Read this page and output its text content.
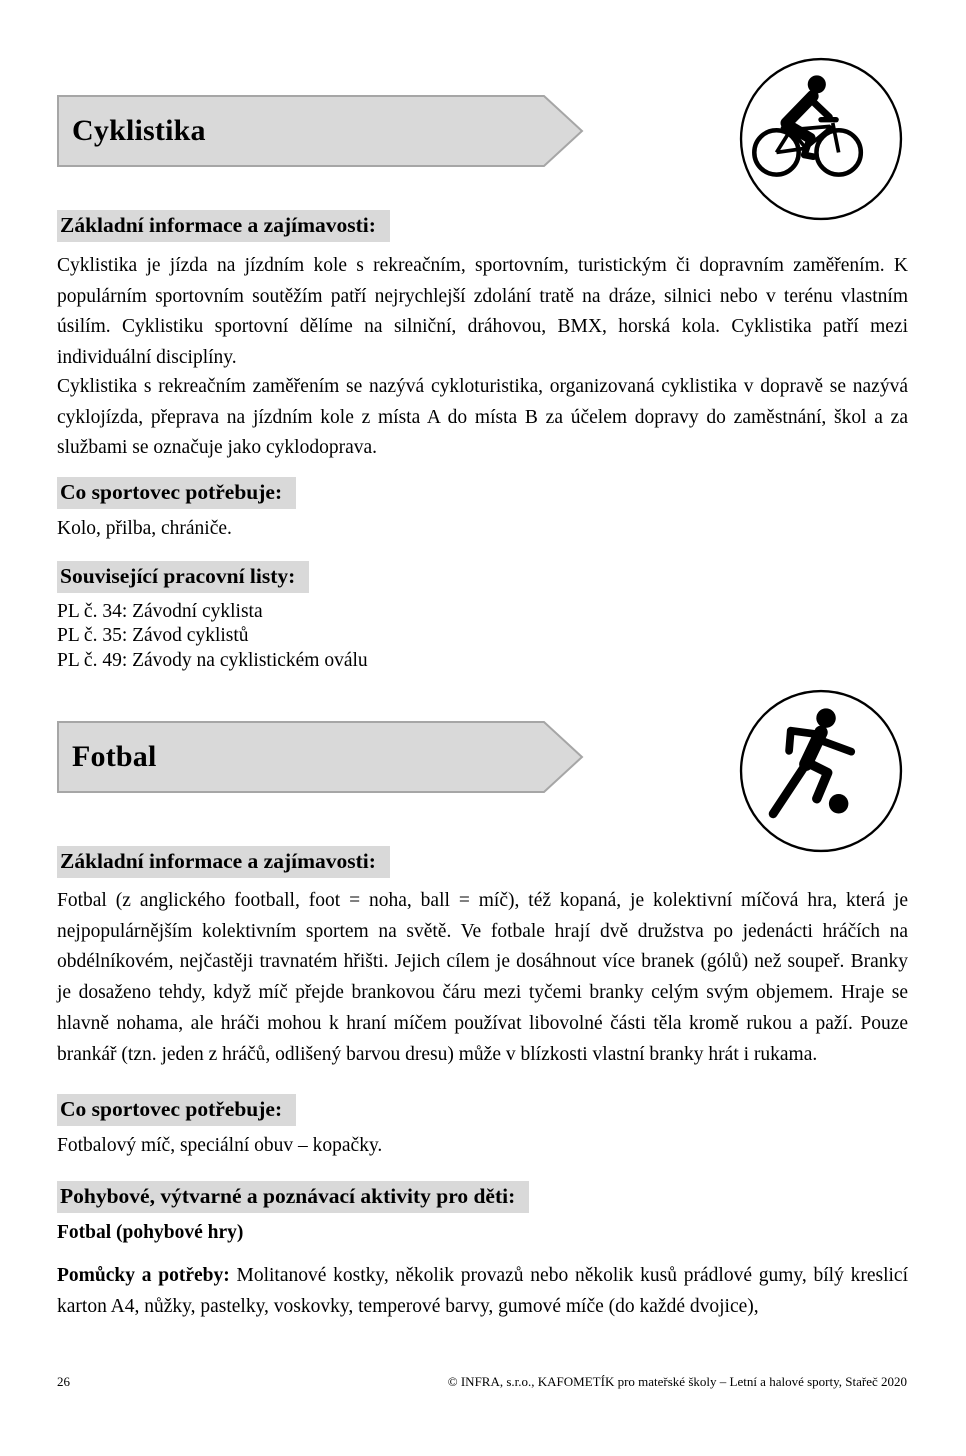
Cyklistika
Základní informace a zajímavosti:
Cyklistika je jízda na jízdním kole s rekreačním, sportovním, turistickým či dopravním zaměřením. K populárním sportovním soutěžím patří nejrychlejší zdolání tratě na dráze, silnici nebo v terénu vlastním úsilím. Cyklistiku sportovní dělíme na silniční, dráhovou, BMX, horská kola. Cyklistika patří mezi individuální disciplíny.
Cyklistika s rekreačním zaměřením se nazývá cykloturistika, organizovaná cyklistika v dopravě se nazývá cyklojízda, přeprava na jízdním kole z místa A do místa B za účelem dopravy do zaměstnání, škol a za službami se označuje jako cyklodoprava.
Co sportovec potřebuje:
Kolo, přilba, chrániče.
Související pracovní listy:
PL č. 34: Závodní cyklista
PL č. 35: Závod cyklistů
PL č. 49: Závody na cyklistickém oválu
Fotbal
Základní informace a zajímavosti:
Fotbal (z anglického football, foot = noha, ball = míč), též kopaná, je kolektivní míčová hra, která je nejpopulárnějším kolektivním sportem na světě. Ve fotbale hrají dvě družstva po jedenácti hráčích na obdélníkovém, nejčastěji travnatém hřišti. Jejich cílem je dosáhnout více branek (gólů) než soupeř. Branky je dosaženo tehdy, když míč přejde brankovou čáru mezi tyčemi branky celým svým objemem. Hraje se hlavně nohama, ale hráči mohou k hraní míčem používat libovolné části těla kromě rukou a paží. Pouze brankář (tzn. jeden z hráčů, odlišený barvou dresu) může v blízkosti vlastní branky hrát i rukama.
Co sportovec potřebuje:
Fotbalový míč, speciální obuv – kopačky.
Pohybové, výtvarné a poznávací aktivity pro děti:
Fotbal (pohybové hry)
Pomůcky a potřeby: Molitanové kostky, několik provazů nebo několik kusů prádlové gumy, bílý kreslicí karton A4, nůžky, pastelky, voskovky, temperové barvy, gumové míče (do každé dvojice),
26	© INFRA, s.r.o., KAFOMETÍK pro mateřské školy – Letní a halové sporty, Stařeč 2020
